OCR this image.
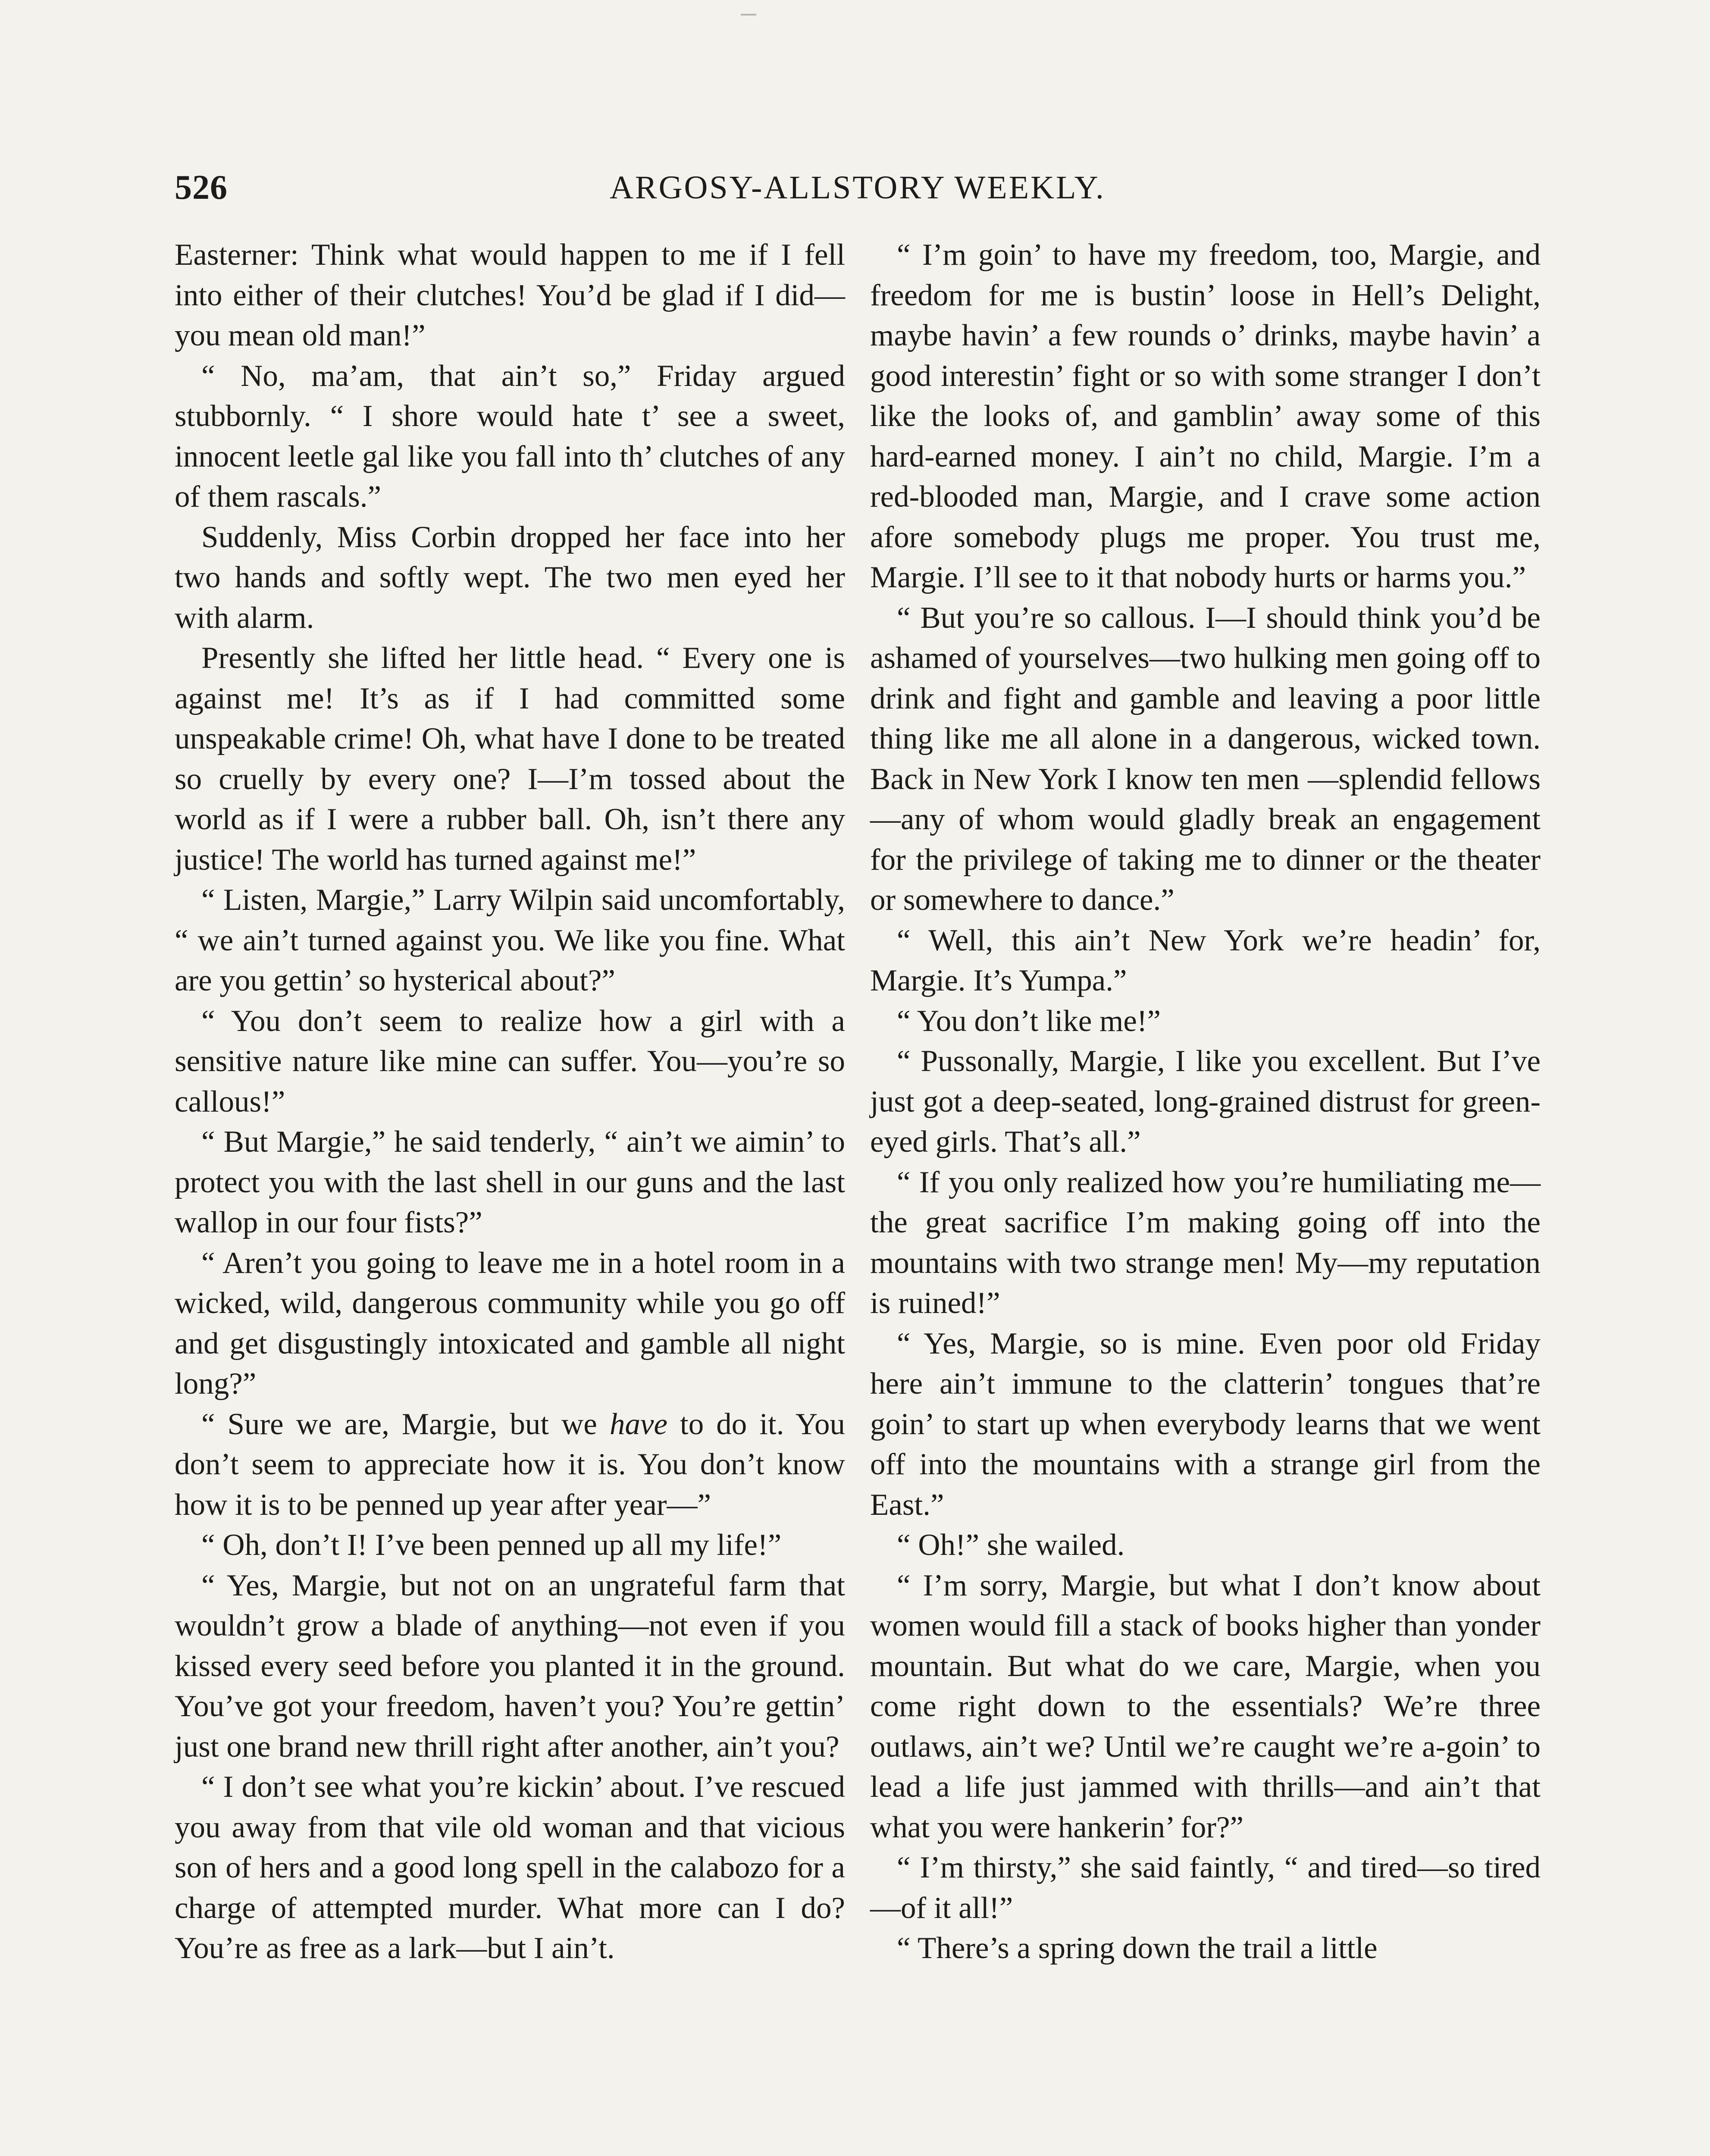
526	ARGOSY-ALLSTORY WEEKLY.

Easterner: Think what would happen to me if I fell into either of their clutches! You’d be glad if I did—you mean old man!”

“ No, ma’am, that ain’t so,” Friday argued stubbornly. “ I shore would hate t’ see a sweet, innocent leetle gal like you fall into th’ clutches of any of them rascals.”

Suddenly, Miss Corbin dropped her face into her two hands and softly wept. The two men eyed her with alarm.

Presently she lifted her little head. “ Every one is against me! It’s as if I had committed some unspeakable crime! Oh, what have I done to be treated so cruelly by every one? I—I’m tossed about the world as if I were a rubber ball. Oh, isn’t there any justice! The world has turned against me!”

“ Listen, Margie,” Larry Wilpin said uncomfortably, “ we ain’t turned against you. We like you fine. What are you gettin’ so hysterical about?”

“ You don’t seem to realize how a girl with a sensitive nature like mine can suffer. You—you’re so callous!”

“ But Margie,” he said tenderly, “ ain’t we aimin’ to protect you with the last shell in our guns and the last wallop in our four fists?”

“ Aren’t you going to leave me in a hotel room in a wicked, wild, dangerous community while you go off and get disgustingly intoxicated and gamble all night long?”

“ Sure we are, Margie, but we have to do it. You don’t seem to appreciate how it is. You don’t know how it is to be penned up year after year—”

“ Oh, don’t I! I’ve been penned up all my life!”

“ Yes, Margie, but not on an ungrateful farm that wouldn’t grow a blade of anything—not even if you kissed every seed before you planted it in the ground. You’ve got your freedom, haven’t you? You’re gettin’ just one brand new thrill right after another, ain’t you?

“ I don’t see what you’re kickin’ about. I’ve rescued you away from that vile old woman and that vicious son of hers and a good long spell in the calabozo for a charge of attempted murder. What more can I do? You’re as free as a lark—but I ain’t.

“ I’m goin’ to have my freedom, too, Margie, and freedom for me is bustin’ loose in Hell’s Delight, maybe havin’ a few rounds o’ drinks, maybe havin’ a good interestin’ fight or so with some stranger I don’t like the looks of, and gamblin’ away some of this hard-earned money. I ain’t no child, Margie. I’m a red-blooded man, Margie, and I crave some action afore somebody plugs me proper. You trust me, Margie. I’ll see to it that nobody hurts or harms you.”

“ But you’re so callous. I—I should think you’d be ashamed of yourselves—two hulking men going off to drink and fight and gamble and leaving a poor little thing like me all alone in a dangerous, wicked town. Back in New York I know ten men —splendid fellows—any of whom would gladly break an engagement for the privilege of taking me to dinner or the theater or somewhere to dance.”

“ Well, this ain’t New York we’re headin’ for, Margie. It’s Yumpa.”

“ You don’t like me!”

“ Pussonally, Margie, I like you excellent. But I’ve just got a deep-seated, long-grained distrust for green-eyed girls. That’s all.”

“ If you only realized how you’re humiliating me—the great sacrifice I’m making going off into the mountains with two strange men! My—my reputation is ruined!”

“ Yes, Margie, so is mine. Even poor old Friday here ain’t immune to the clatterin’ tongues that’re goin’ to start up when everybody learns that we went off into the mountains with a strange girl from the East.”

“ Oh!” she wailed.

“ I’m sorry, Margie, but what I don’t know about women would fill a stack of books higher than yonder mountain. But what do we care, Margie, when you come right down to the essentials? We’re three outlaws, ain’t we? Until we’re caught we’re a-goin’ to lead a life just jammed with thrills—and ain’t that what you were hankerin’ for?”

“ I’m thirsty,” she said faintly, “ and tired—so tired—of it all!”

“ There’s a spring down the trail a little
